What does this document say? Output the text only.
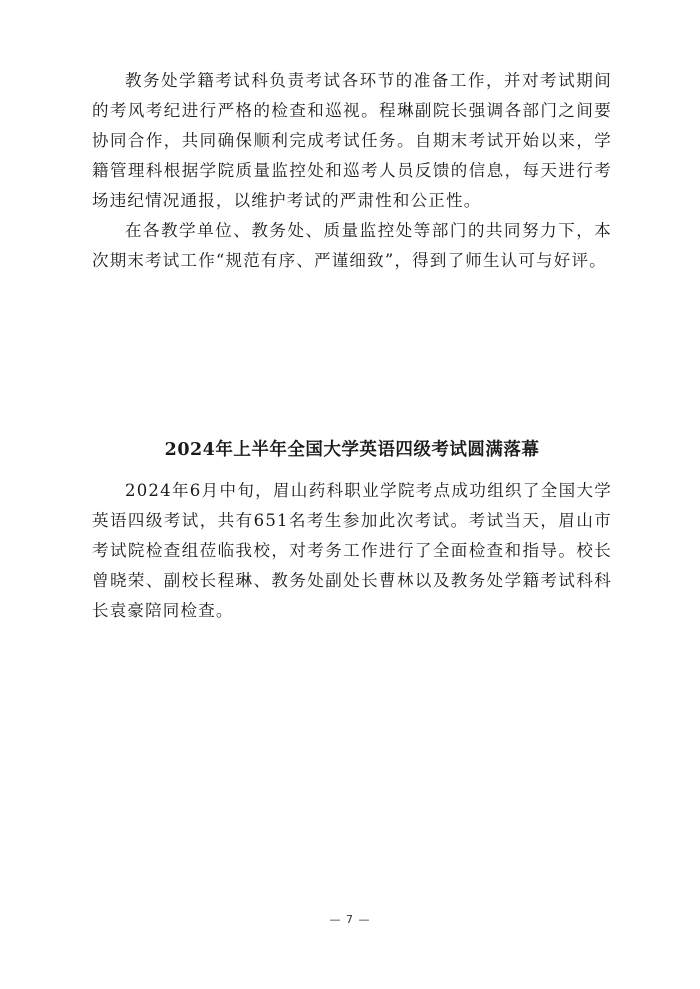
教务处学籍考试科负责考试各环节的准备工作，并对考试期间的考风考纪进行严格的检查和巡视。程琳副院长强调各部门之间要协同合作，共同确保顺利完成考试任务。自期末考试开始以来，学籍管理科根据学院质量监控处和巡考人员反馈的信息，每天进行考场违纪情况通报，以维护考试的严肃性和公正性。

在各教学单位、教务处、质量监控处等部门的共同努力下，本次期末考试工作“规范有序、严谨细致”，得到了师生认可与好评。

2024年上半年全国大学英语四级考试圆满落幕

2024年6月中旬，眉山药科职业学院考点成功组织了全国大学英语四级考试，共有651名考生参加此次考试。考试当天，眉山市考试院检查组莅临我校，对考务工作进行了全面检查和指导。校长曾晓荣、副校长程琳、教务处副处长曹林以及教务处学籍考试科科长袁豪陪同检查。

— 7 —
